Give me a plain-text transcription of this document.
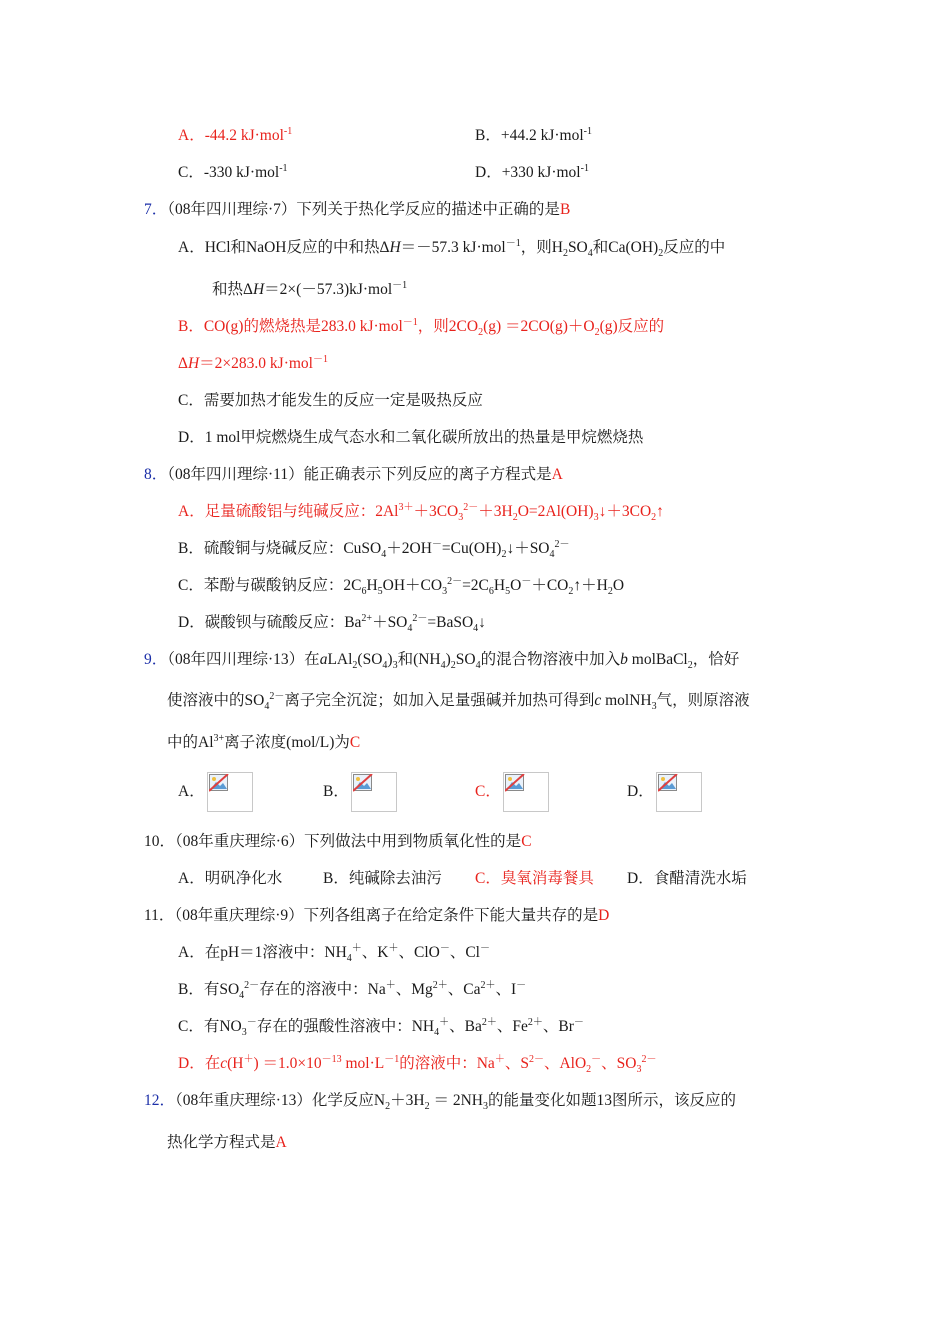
A．-44.2 kJ·mol$^{-1}$	B．+44.2 kJ·mol$^{-1}$
C．-330 kJ·mol$^{-1}$	D．+330 kJ·mol$^{-1}$
7．（08年四川理综·7）下列关于热化学反应的描述中正确的是B
A．HCl和NaOH反应的中和热ΔH＝－57.3 kJ·mol$^{-1}$，则$H_2SO_4$和$Ca(OH)_2$反应的中
和热ΔH＝2×(－57.3)kJ·mol$^{-1}$
B．CO(g)的燃烧热是283.0 kJ·mol$^{-1}$，则$2CO_2(g) =2CO(g)+O_2(g)$反应的
ΔH＝2×283.0 kJ·mol$^{-1}$
C．需要加热才能发生的反应一定是吸热反应
D．1 mol甲烷燃烧生成气态水和二氧化碳所放出的热量是甲烷燃烧热
8．（08年四川理综·11）能正确表示下列反应的离子方程式是A
A．足量硫酸铝与纯碱反应：$2Al^{3+}+3CO_3^{2-}+3H_2O=2Al(OH)_3↓+3CO_2↑$
B．硫酸铜与烧碱反应：$CuSO_4+2OH^-=Cu(OH)_2↓+SO_4^{2-}$
C．苯酚与碳酸钠反应：$2C_6H_5OH+CO_3^{2-}=2C_6H_5O^-+CO_2↑+H_2O$
D．碳酸钡与硫酸反应：$Ba^{2+}+SO_4^{2-}=BaSO_4↓$
9．（08年四川理综·13）在$aLAl_2(SO_4)_3$和$(NH_4)_2SO_4$的混合物溶液中加入b molBaCl$_2$，恰好
使溶液中的$SO_4^{2-}$离子完全沉淀；如加入足量强碱并加热可得到c molNH$_3$气，则原溶液
中的$Al^{3+}$离子浓度(mol/L)为C
A．	B．	C．	D．
10．（08年重庆理综·6）下列做法中用到物质氧化性的是C
A．明矾净化水	B．纯碱除去油污 C．臭氧消毒餐具 D．食醋清洗水垢
11．（08年重庆理综·9）下列各组离子在给定条件下能大量共存的是D
A．在pH＝1溶液中：$NH_4^+$、K＋、ClO－、Cl－
B．有$SO_4^{2-}$存在的溶液中：Na＋、$Mg^{2+}$、$Ca^{2+}$、I－
C．有$NO_3^-$存在的强酸性溶液中：$NH_4^+$、$Ba^{2+}$、$Fe^{2+}$、Br－
D．在$c(H^+) =1.0\times 10^{-13}$ $mol\cdot L^{-1}$的溶液中：Na＋、$S^{2-}$、AlO$_2$－、$SO_3^{2-}$
12．（08年重庆理综·13）化学反应$N_2+3H_2 = 2NH_3$的能量变化如题13图所示，该反应的
热化学方程式是A
